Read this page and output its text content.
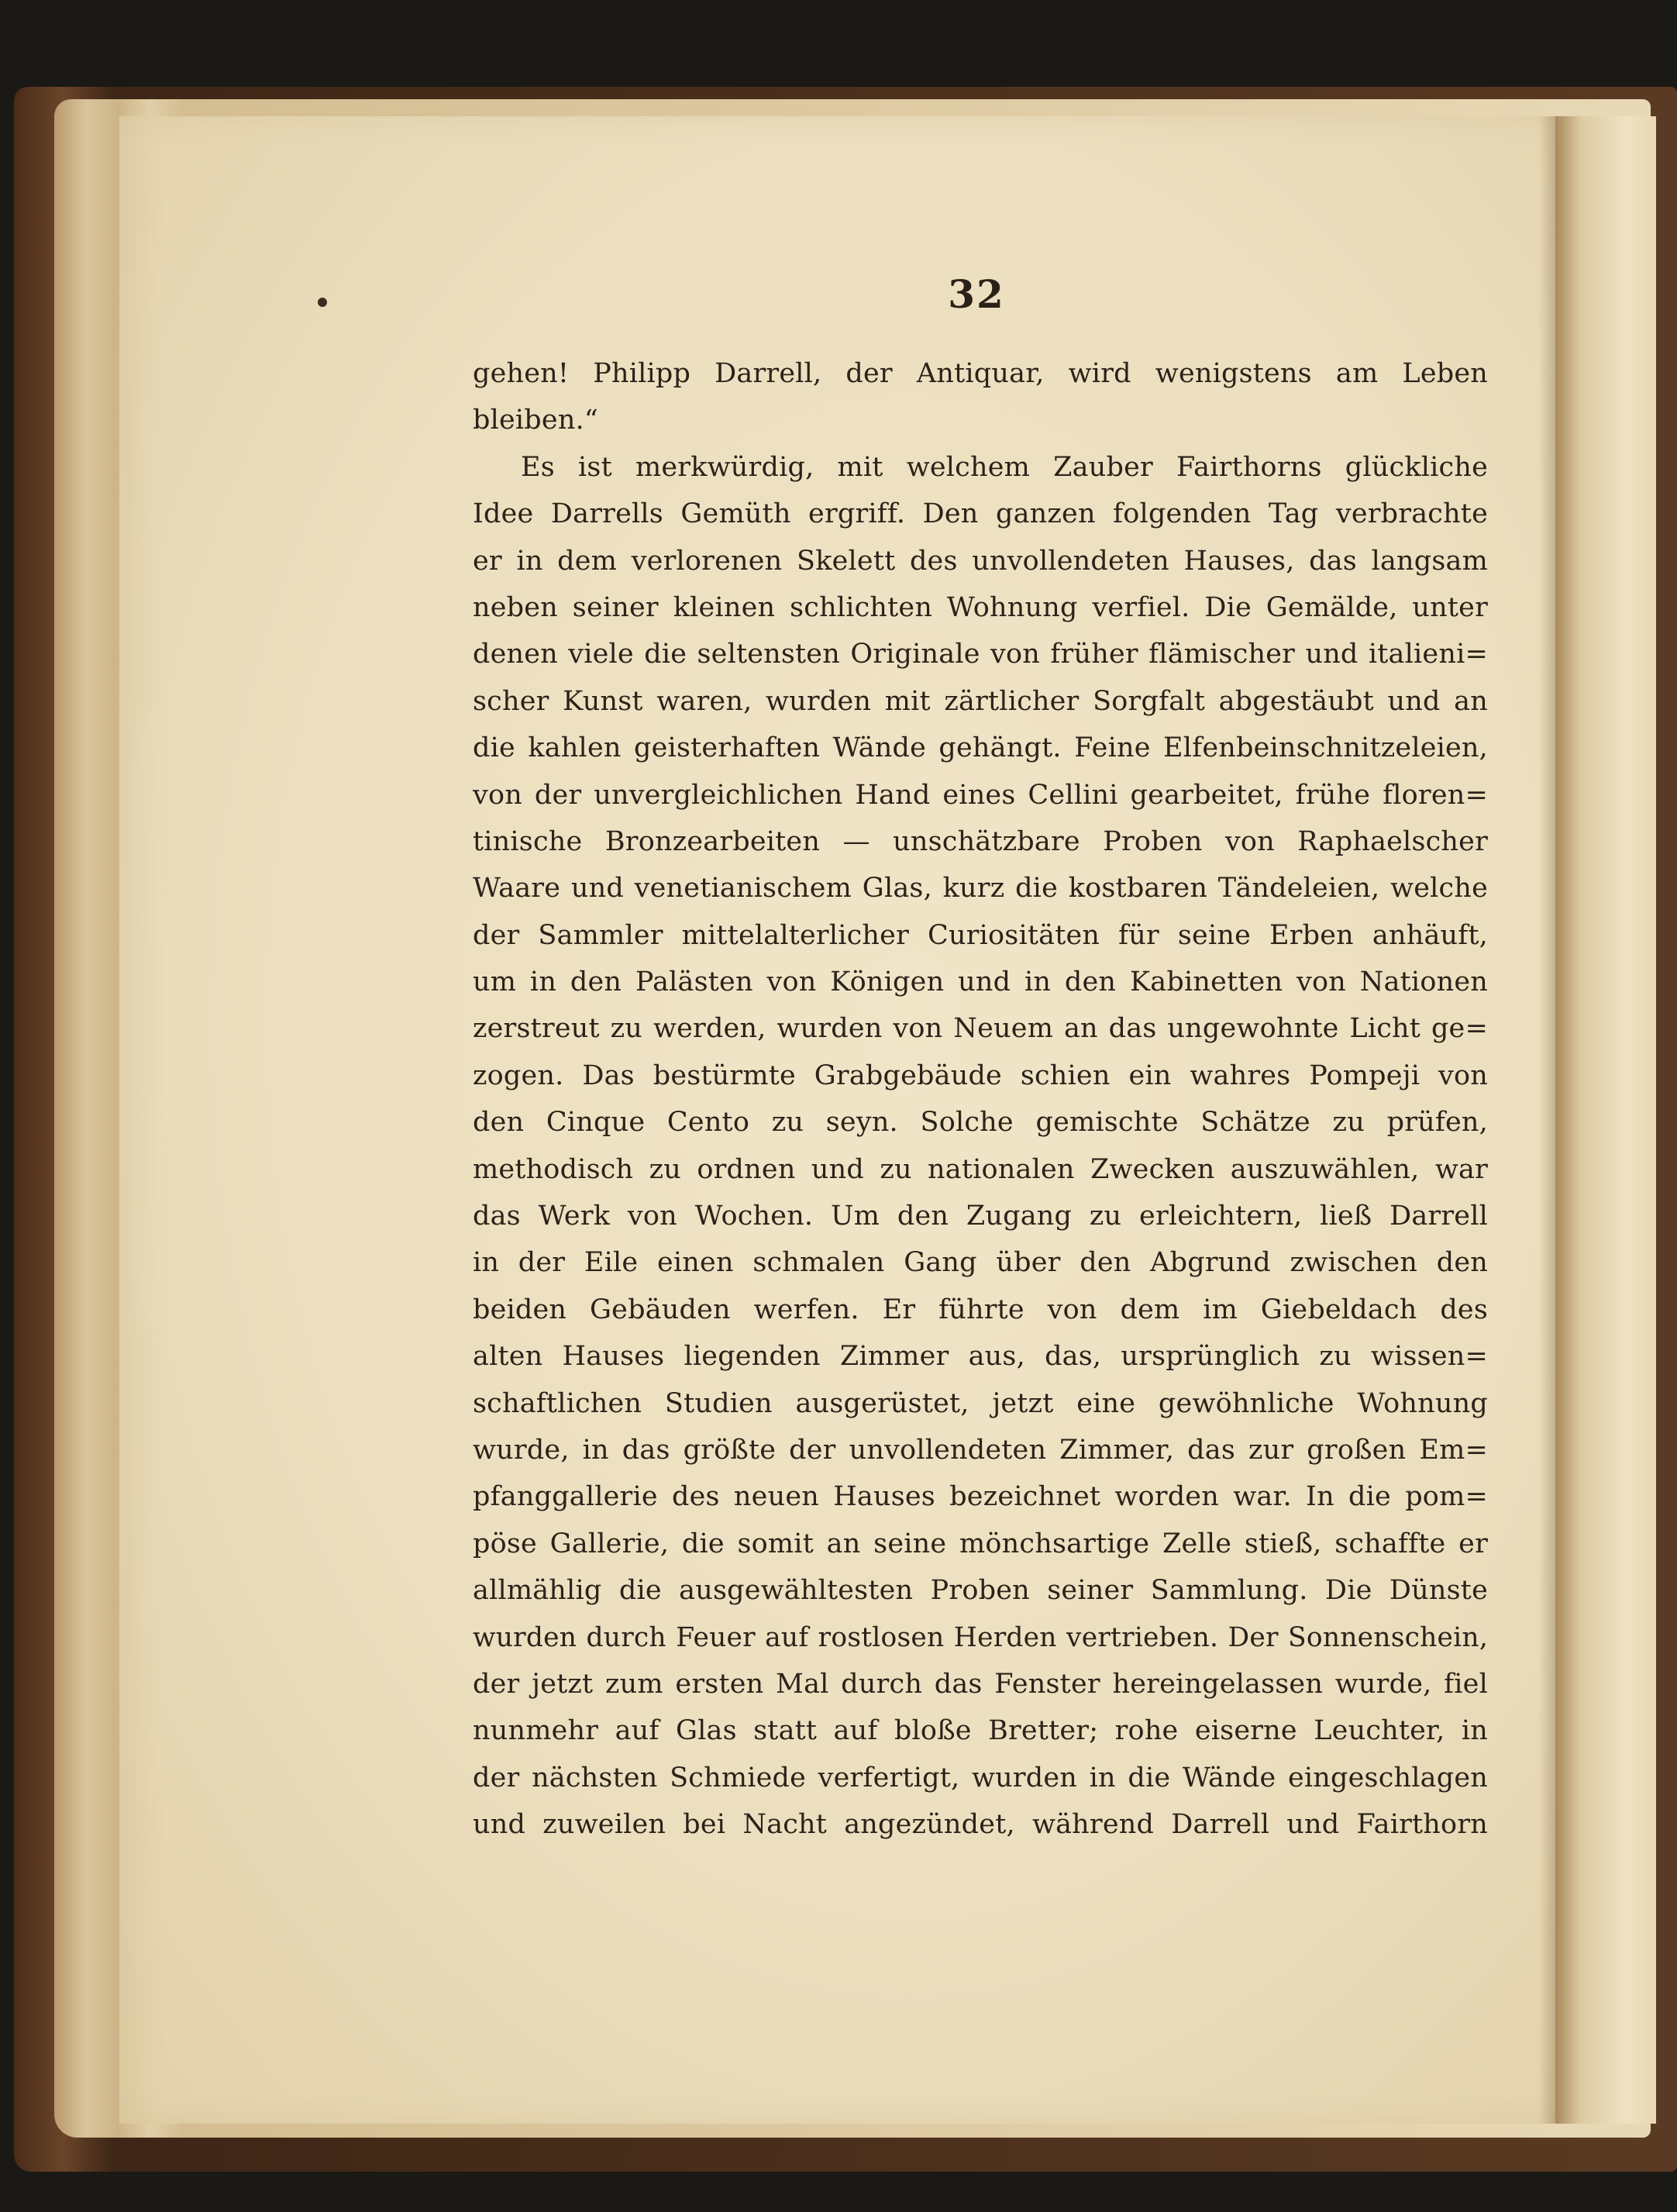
32
gehen! Philipp Darrell, der Antiquar, wird wenigstens am Leben
bleiben.“
Es ist merkwürdig, mit welchem Zauber Fairthorns glückliche
Idee Darrells Gemüth ergriff. Den ganzen folgenden Tag verbrachte
er in dem verlorenen Skelett des unvollendeten Hauses, das langsam
neben seiner kleinen schlichten Wohnung verfiel. Die Gemälde, unter
denen viele die seltensten Originale von früher flämischer und italieni=
scher Kunst waren, wurden mit zärtlicher Sorgfalt abgestäubt und an
die kahlen geisterhaften Wände gehängt. Feine Elfenbeinschnitzeleien,
von der unvergleichlichen Hand eines Cellini gearbeitet, frühe floren=
tinische Bronzearbeiten — unschätzbare Proben von Raphaelscher
Waare und venetianischem Glas, kurz die kostbaren Tändeleien, welche
der Sammler mittelalterlicher Curiositäten für seine Erben anhäuft,
um in den Palästen von Königen und in den Kabinetten von Nationen
zerstreut zu werden, wurden von Neuem an das ungewohnte Licht ge=
zogen. Das bestürmte Grabgebäude schien ein wahres Pompeji von
den Cinque Cento zu seyn. Solche gemischte Schätze zu prüfen,
methodisch zu ordnen und zu nationalen Zwecken auszuwählen, war
das Werk von Wochen. Um den Zugang zu erleichtern, ließ Darrell
in der Eile einen schmalen Gang über den Abgrund zwischen den
beiden Gebäuden werfen. Er führte von dem im Giebeldach des
alten Hauses liegenden Zimmer aus, das, ursprünglich zu wissen=
schaftlichen Studien ausgerüstet, jetzt eine gewöhnliche Wohnung
wurde, in das größte der unvollendeten Zimmer, das zur großen Em=
pfanggallerie des neuen Hauses bezeichnet worden war. In die pom=
pöse Gallerie, die somit an seine mönchsartige Zelle stieß, schaffte er
allmählig die ausgewähltesten Proben seiner Sammlung. Die Dünste
wurden durch Feuer auf rostlosen Herden vertrieben. Der Sonnenschein,
der jetzt zum ersten Mal durch das Fenster hereingelassen wurde, fiel
nunmehr auf Glas statt auf bloße Bretter; rohe eiserne Leuchter, in
der nächsten Schmiede verfertigt, wurden in die Wände eingeschlagen
und zuweilen bei Nacht angezündet, während Darrell und Fairthorn
